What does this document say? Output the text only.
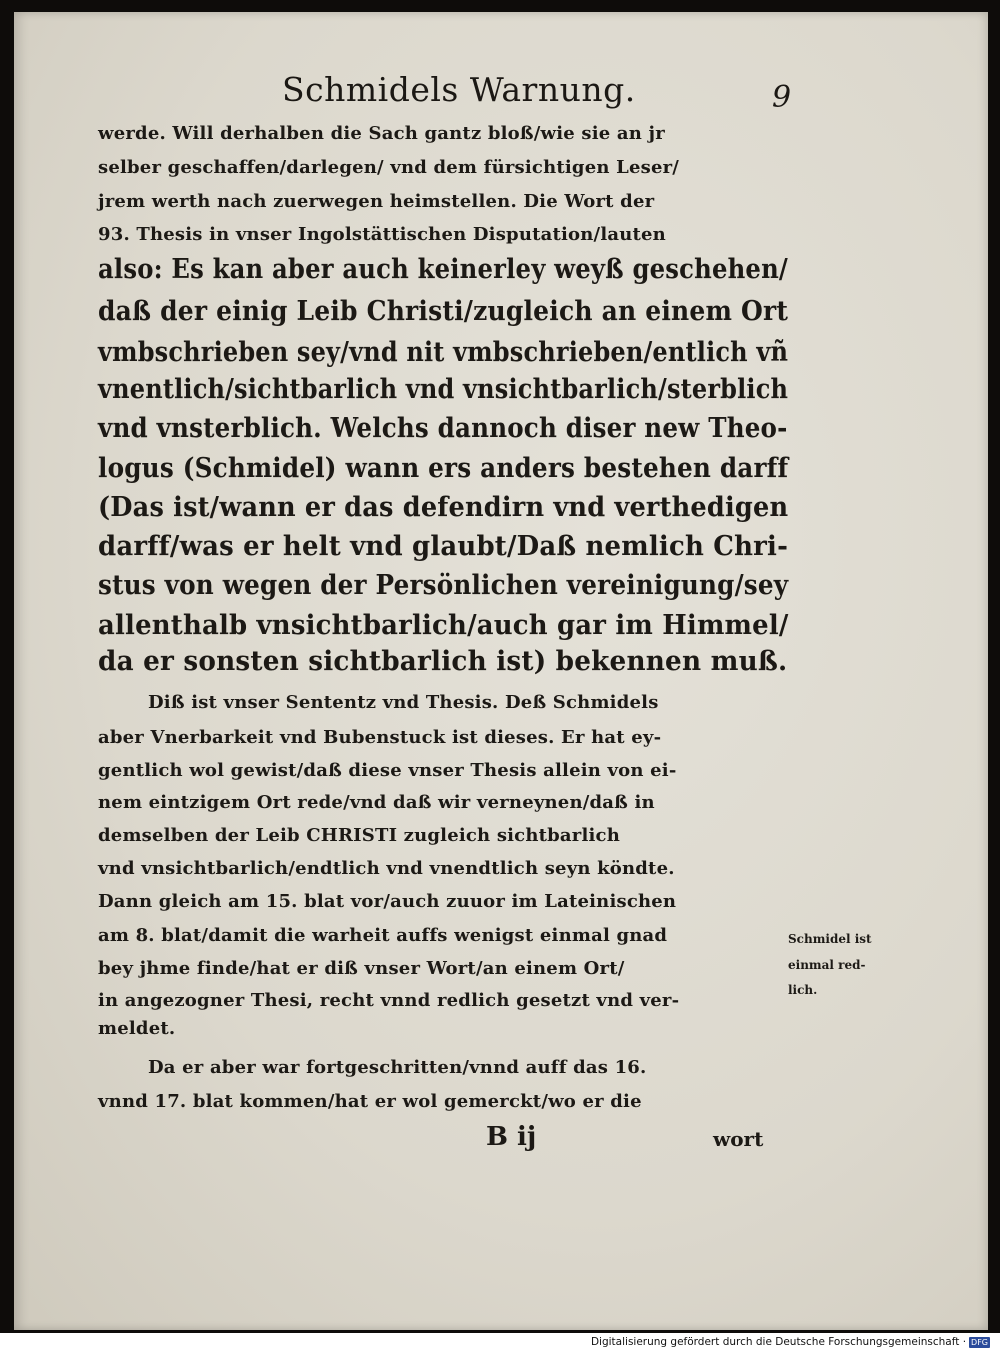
Schmidels Warnung.	9
werde. Will derhalben die Sach gantz bloß/wie sie an jr
selber geschaffen/darlegen/ vnd dem fürsichtigen Leser/
jrem werth nach zuerwegen heimstellen. Die Wort der
93. Thesis in vnser Ingolstättischen Disputation/lauten
also: Es kan aber auch keinerley weyß geschehen/
daß der einig Leib Christi/zugleich an einem Ort
vmbschrieben sey/vnd nit vmbschrieben/entlich vñ
vnentlich/sichtbarlich vnd vnsichtbarlich/sterblich
vnd vnsterblich. Welchs dannoch diser new Theo-
logus (Schmidel) wann ers anders bestehen darff
(Das ist/wann er das defendirn vnd verthedigen
darff/was er helt vnd glaubt/Daß nemlich Chri-
stus von wegen der Persönlichen vereinigung/sey
allenthalb vnsichtbarlich/auch gar im Himmel/
da er sonsten sichtbarlich ist) bekennen muß.
Diß ist vnser Sententz vnd Thesis. Deß Schmidels
aber Vnerbarkeit vnd Bubenstuck ist dieses. Er hat ey-
gentlich wol gewist/daß diese vnser Thesis allein von ei-
nem eintzigem Ort rede/vnd daß wir verneynen/daß in
demselben der Leib CHRISTI zugleich sichtbarlich
vnd vnsichtbarlich/endtlich vnd vnendtlich seyn köndte.
Dann gleich am 15. blat vor/auch zuuor im Lateinischen
am 8. blat/damit die warheit auffs wenigst einmal gnad
bey jhme finde/hat er diß vnser Wort/an einem Ort/
in angezogner Thesi, recht vnnd redlich gesetzt vnd ver-
meldet.
Da er aber war fortgeschritten/vnnd auff das 16.
vnnd 17. blat kommen/hat er wol gemerckt/wo er die
Schmidel ist
einmal red-
lich.
B ij	wort
Digitalisierung gefördert durch die Deutsche Forschungsgemeinschaft · DFG
